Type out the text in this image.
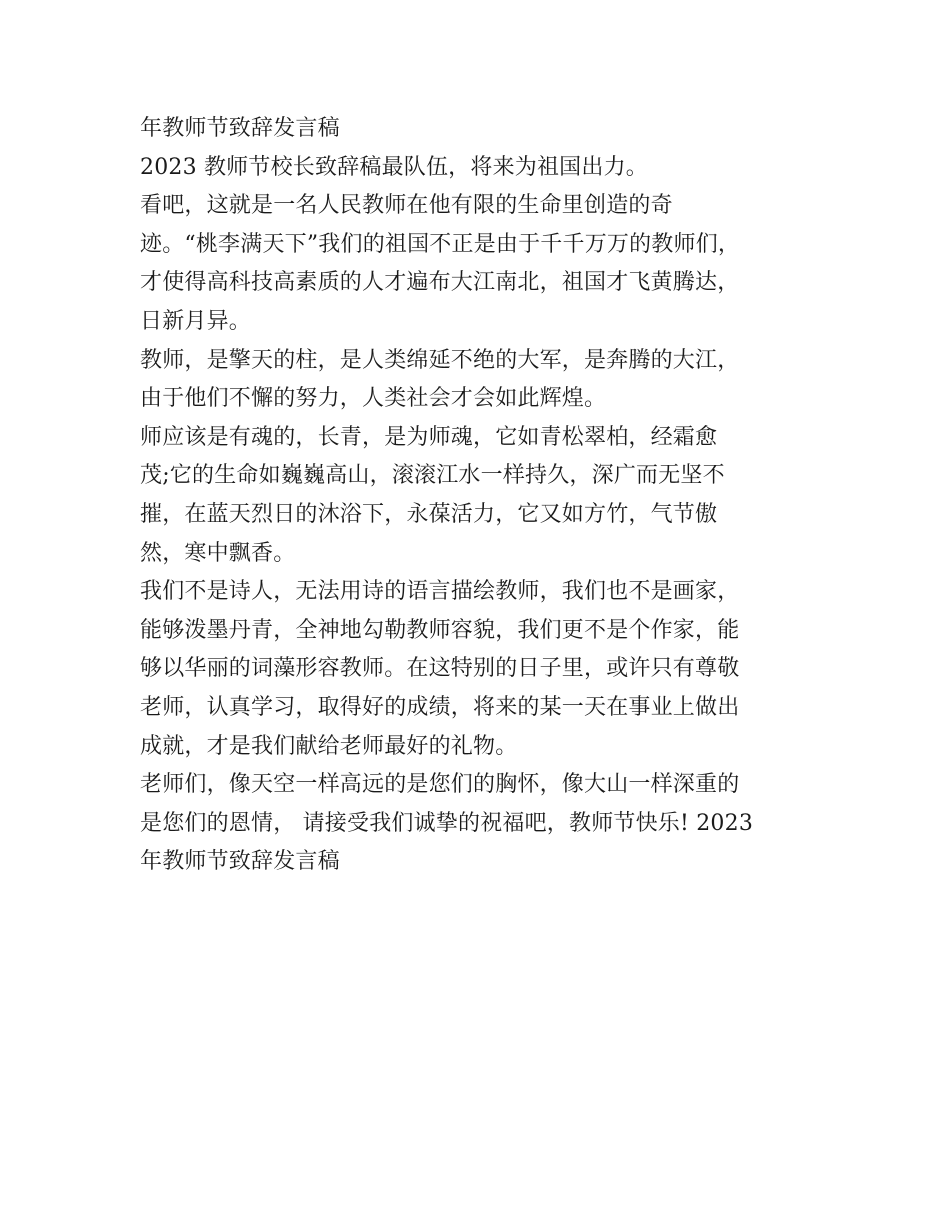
年教师节致辞发言稿
2023 教师节校长致辞稿最队伍，将来为祖国出力。
看吧，这就是一名人民教师在他有限的生命里创造的奇
迹。“桃李满天下”我们的祖国不正是由于千千万万的教师们，
才使得高科技高素质的人才遍布大江南北，祖国才飞黄腾达，
日新月异。
教师，是擎天的柱，是人类绵延不绝的大军，是奔腾的大江，
由于他们不懈的努力，人类社会才会如此辉煌。
师应该是有魂的，长青，是为师魂，它如青松翠柏，经霜愈
茂;它的生命如巍巍高山，滚滚江水一样持久，深广而无坚不
摧，在蓝天烈日的沐浴下，永葆活力，它又如方竹，气节傲
然，寒中飘香。
我们不是诗人，无法用诗的语言描绘教师，我们也不是画家，
能够泼墨丹青，全神地勾勒教师容貌，我们更不是个作家，能
够以华丽的词藻形容教师。在这特别的日子里，或许只有尊敬
老师，认真学习，取得好的成绩，将来的某一天在事业上做出
成就，才是我们献给老师最好的礼物。
老师们，像天空一样高远的是您们的胸怀，像大山一样深重的
是您们的恩情， 请接受我们诚挚的祝福吧，教师节快乐! 2023
年教师节致辞发言稿
